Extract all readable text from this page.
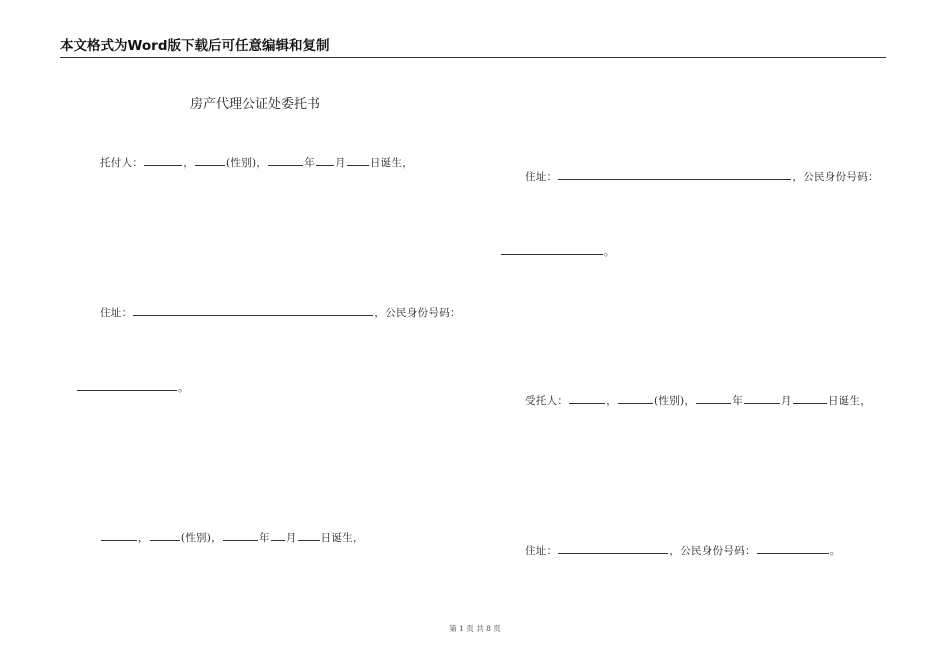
本文格式为Word版下载后可任意编辑和复制
房产代理公证处委托书
托付人：	，	(性别)，	年 月 日诞生，
住址：	，公民身份号码：
。
，	(性别)，	年 月 日诞生，
住址：	，公民身份号码：
。
受托人：	，	(性别)，	年	月	日诞生，
住址：	，公民身份号码：	。
第 1 页 共 8 页
